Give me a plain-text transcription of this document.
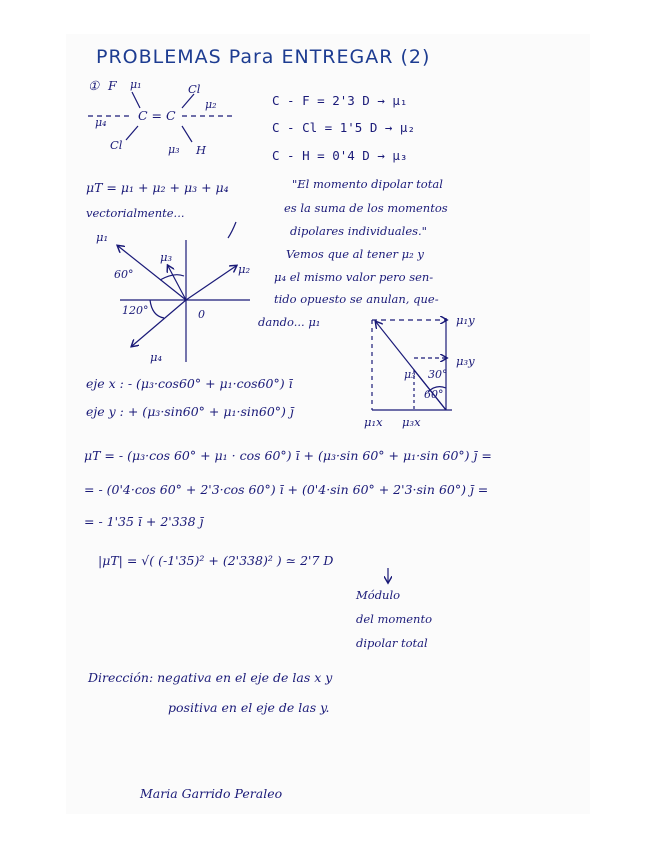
PROBLEMAS Para ENTREGAR (2)
① F μ₁	Cl
μ₂
μ₄	C = C
Cl	μ₃ H
C - F = 2'3 D → μ₁
C - Cl = 1'5 D → μ₂
C - H = 0'4 D → μ₃
μT = μ₁ + μ₂ + μ₃ + μ₄
vectorialmente...
"El momento dipolar total
es la suma de los momentos
dipolares individuales."
Vemos que al tener μ₂ y
μ₄ el mismo valor pero sen-
tido opuesto se anulan, que-
dando... μ₁
μ₁
μ₃
μ₂
60°
120°	0
μ₄
μ₁y
μ₃y
μ₃ 30°
60°
μ₁x μ₃x
eje x : - (μ₃·cos60° + μ₁·cos60°) ī
eje y : + (μ₃·sin60° + μ₁·sin60°) j̄
μT = - (μ₃·cos 60° + μ₁ · cos 60°) ī + (μ₃·sin 60° + μ₁·sin 60°) j̄ =
= - (0'4·cos 60° + 2'3·cos 60°) ī + (0'4·sin 60° + 2'3·sin 60°) j̄ =
= - 1'35 ī + 2'338 j̄
|μT| = √( (-1'35)² + (2'338)² ) ≃ 2'7 D
Módulo
del momento
dipolar total
Dirección: negativa en el eje de las x y
positiva en el eje de las y.
Maria Garrido Peraleo
